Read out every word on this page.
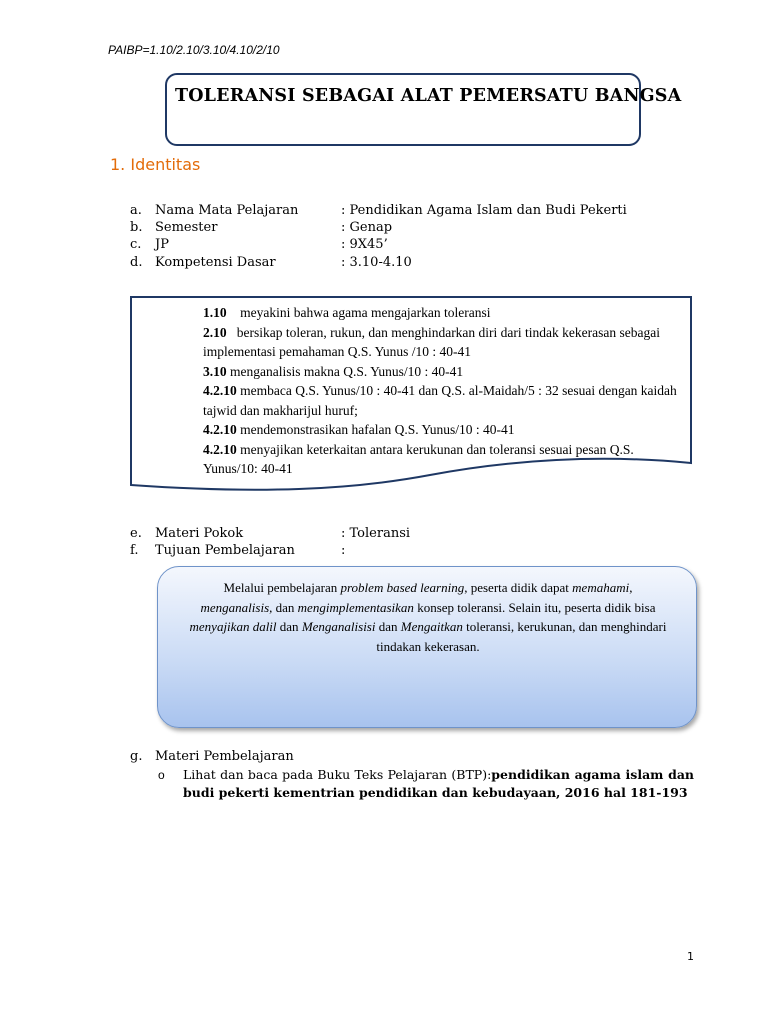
PAIBP=1.10/2.10/3.10/4.10/2/10
TOLERANSI SEBAGAI ALAT PEMERSATU BANGSA
1. Identitas
a. Nama Mata Pelajaran	: Pendidikan Agama Islam dan Budi Pekerti
b. Semester	: Genap
c. JP	: 9X45’
d. Kompetensi Dasar	: 3.10-4.10
1.10 meyakini bahwa agama mengajarkan toleransi
2.10 bersikap toleran, rukun, dan menghindarkan diri dari tindak kekerasan sebagai implementasi pemahaman Q.S. Yunus /10 : 40-41
3.10 menganalisis makna Q.S. Yunus/10 : 40-41
4.2.10 membaca Q.S. Yunus/10 : 40-41 dan Q.S. al-Maidah/5 : 32 sesuai dengan kaidah tajwid dan makharijul huruf;
4.2.10 mendemonstrasikan hafalan Q.S. Yunus/10 : 40-41
4.2.10 menyajikan keterkaitan antara kerukunan dan toleransi sesuai pesan Q.S. Yunus/10: 40-41
e. Materi Pokok	: Toleransi
f. Tujuan Pembelajaran	:
Melalui pembelajaran problem based learning, peserta didik dapat memahami,
menganalisis, dan mengimplementasikan konsep toleransi. Selain itu, peserta didik bisa
menyajikan dalil dan Menganalisisi dan Mengaitkan toleransi, kerukunan, dan menghindari tindakan kekerasan.
g. Materi Pembelajaran
o Lihat dan baca pada Buku Teks Pelajaran (BTP):pendidikan agama islam dan budi pekerti kementrian pendidikan dan kebudayaan, 2016 hal 181-193
1
